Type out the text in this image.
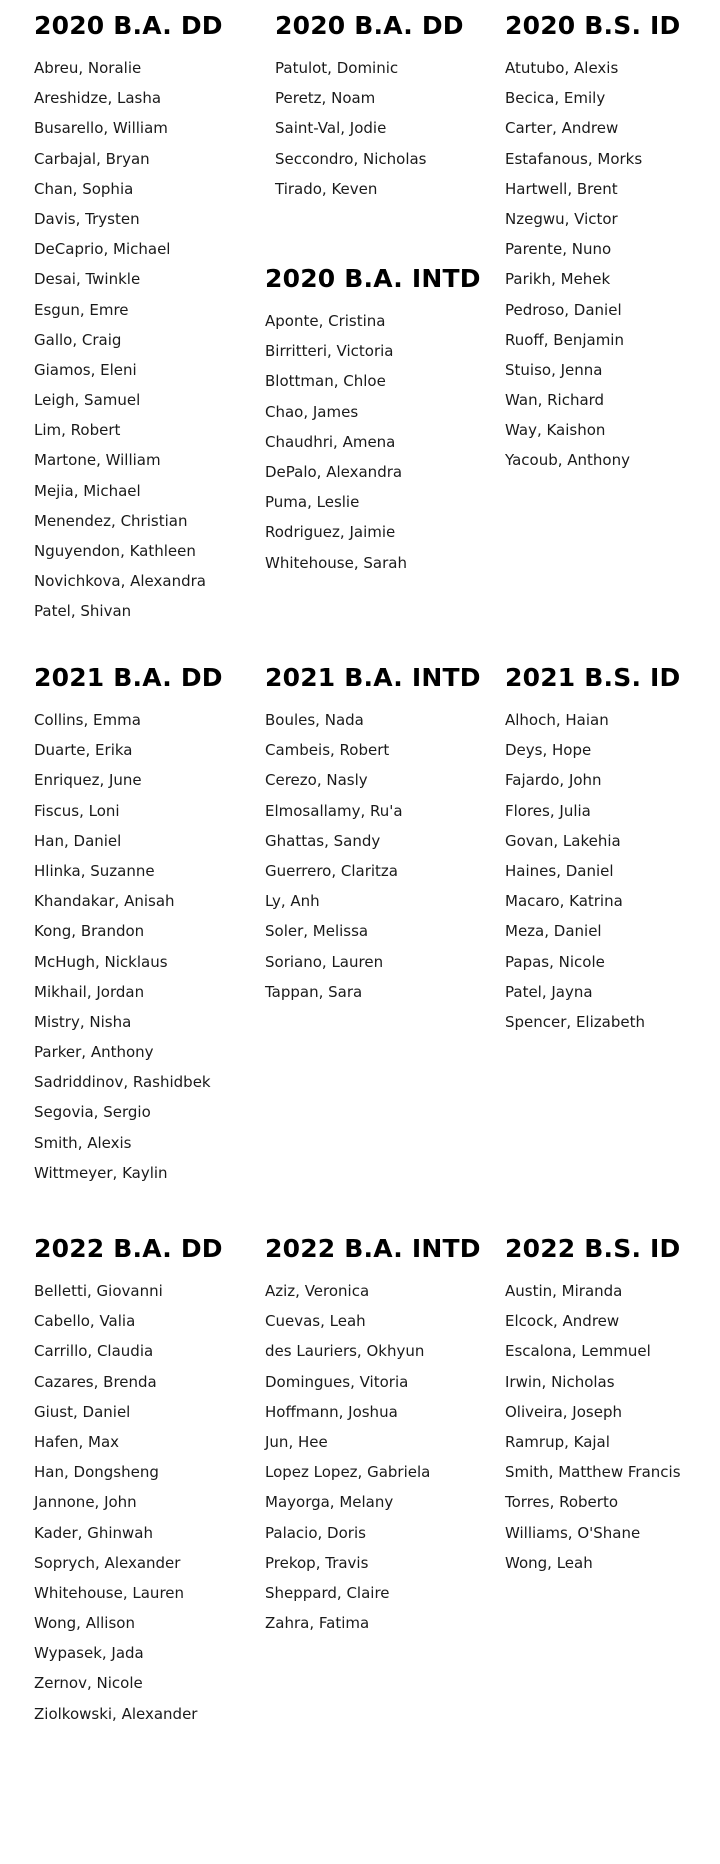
2020 B.A. DD
Abreu, Noralie
Areshidze, Lasha
Busarello, William
Carbajal, Bryan
Chan, Sophia
Davis, Trysten
DeCaprio, Michael
Desai, Twinkle
Esgun, Emre
Gallo, Craig
Giamos, Eleni
Leigh, Samuel
Lim, Robert
Martone, William
Mejia, Michael
Menendez, Christian
Nguyendon, Kathleen
Novichkova, Alexandra
Patel, Shivan
2020 B.A. DD
Patulot, Dominic
Peretz, Noam
Saint-Val, Jodie
Seccondro, Nicholas
Tirado, Keven
2020 B.S. ID
Atutubo, Alexis
Becica, Emily
Carter, Andrew
Estafanous, Morks
Hartwell, Brent
Nzegwu, Victor
Parente, Nuno
Parikh, Mehek
Pedroso, Daniel
Ruoff, Benjamin
Stuiso, Jenna
Wan, Richard
Way, Kaishon
Yacoub, Anthony
2020 B.A. INTD
Aponte, Cristina
Birritteri, Victoria
Blottman, Chloe
Chao, James
Chaudhri, Amena
DePalo, Alexandra
Puma, Leslie
Rodriguez, Jaimie
Whitehouse, Sarah
2021 B.A. DD
Collins, Emma
Duarte, Erika
Enriquez, June
Fiscus, Loni
Han, Daniel
Hlinka, Suzanne
Khandakar, Anisah
Kong, Brandon
McHugh, Nicklaus
Mikhail, Jordan
Mistry, Nisha
Parker, Anthony
Sadriddinov, Rashidbek
Segovia, Sergio
Smith, Alexis
Wittmeyer, Kaylin
2021 B.A. INTD
Boules, Nada
Cambeis, Robert
Cerezo, Nasly
Elmosallamy, Ru'a
Ghattas, Sandy
Guerrero, Claritza
Ly, Anh
Soler, Melissa
Soriano, Lauren
Tappan, Sara
2021 B.S. ID
Alhoch, Haian
Deys, Hope
Fajardo, John
Flores, Julia
Govan, Lakehia
Haines, Daniel
Macaro, Katrina
Meza, Daniel
Papas, Nicole
Patel, Jayna
Spencer, Elizabeth
2022 B.A. DD
Belletti, Giovanni
Cabello, Valia
Carrillo, Claudia
Cazares, Brenda
Giust, Daniel
Hafen, Max
Han, Dongsheng
Jannone, John
Kader, Ghinwah
Soprych, Alexander
Whitehouse, Lauren
Wong, Allison
Wypasek, Jada
Zernov, Nicole
Ziolkowski, Alexander
2022 B.A. INTD
Aziz, Veronica
Cuevas, Leah
des Lauriers, Okhyun
Domingues, Vitoria
Hoffmann, Joshua
Jun, Hee
Lopez Lopez, Gabriela
Mayorga, Melany
Palacio, Doris
Prekop, Travis
Sheppard, Claire
Zahra, Fatima
2022 B.S. ID
Austin, Miranda
Elcock, Andrew
Escalona, Lemmuel
Irwin, Nicholas
Oliveira, Joseph
Ramrup, Kajal
Smith, Matthew Francis
Torres, Roberto
Williams, O'Shane
Wong, Leah
